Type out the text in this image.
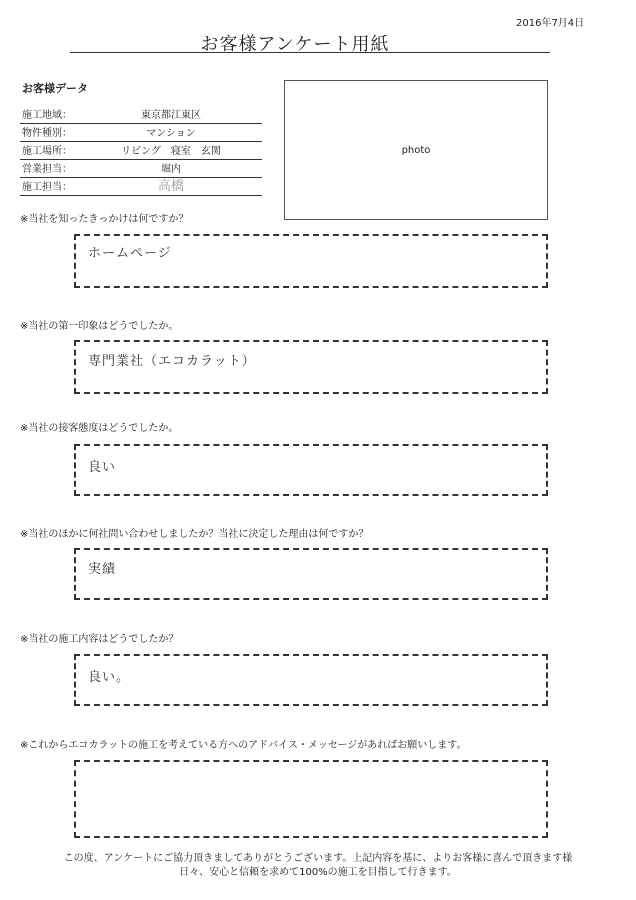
2016年7月4日
お客様アンケート用紙
お客様データ
施工地域：	東京都江東区
物件種別：	マンション
施工場所：	リビング　寝室　玄関
営業担当：	堀内
施工担当：	高橋
photo
※当社を知ったきっかけは何ですか？
ホームページ
※当社の第一印象はどうでしたか。
専門業社（エコカラット）
※当社の接客態度はどうでしたか。
良い
※当社のほかに何社問い合わせしましたか？当社に決定した理由は何ですか？
実績
※当社の施工内容はどうでしたか？
良い。
※これからエコカラットの施工を考えている方へのアドバイス・メッセージがあればお願いします。
この度、アンケートにご協力頂きましてありがとうございます。上記内容を基に、よりお客様に喜んで頂きます様
日々、安心と信頼を求めて100%の施工を目指して行きます。
